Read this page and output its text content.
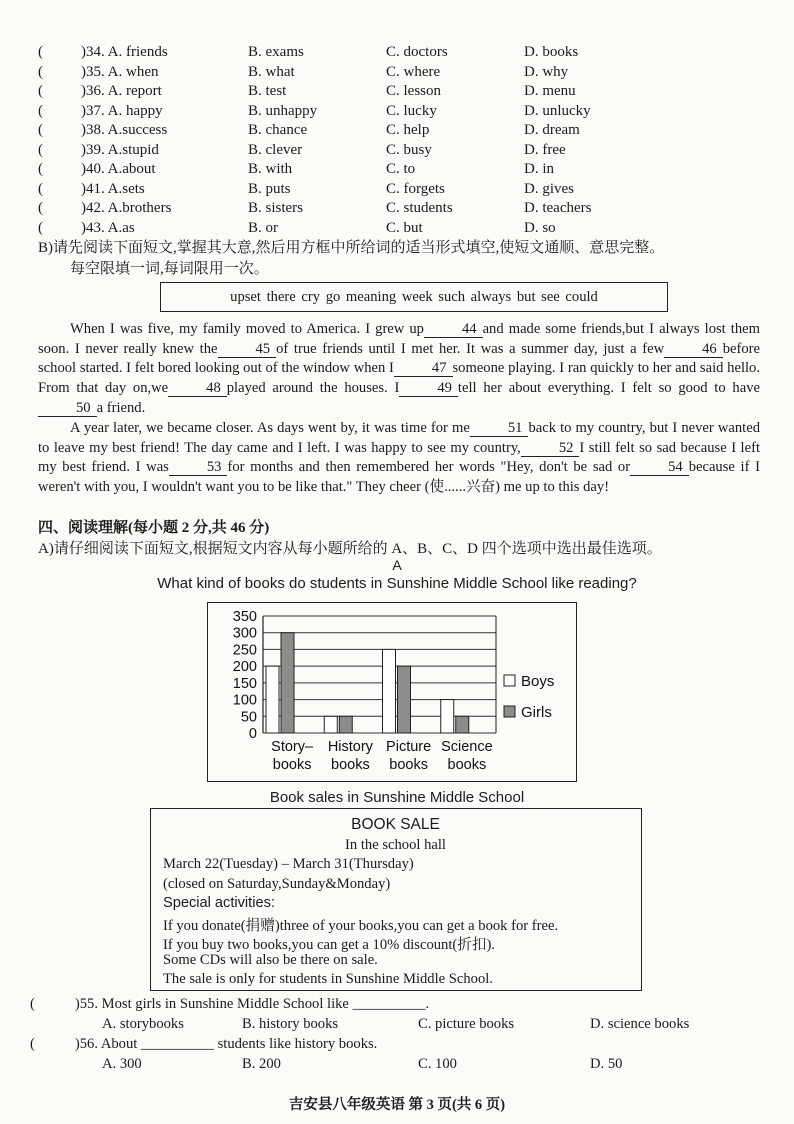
(	)34. A. friends	B. exams	C. doctors	D. books
(	)35. A. when	B. what	C. where	D. why
(	)36. A. report	B. test	C. lesson	D. menu
(	)37. A. happy	B. unhappy	C. lucky	D. unlucky
(	)38. A.success	B. chance	C. help	D. dream
(	)39. A.stupid	B. clever	C. busy	D. free
(	)40. A.about	B. with	C. to	D. in
(	)41. A.sets	B. puts	C. forgets	D. gives
(	)42. A.brothers	B. sisters	C. students	D. teachers
(	)43. A.as	B. or	C. but	D. so
B)请先阅读下面短文,掌握其大意,然后用方框中所给词的适当形式填空,使短文通顺、意思完整。
每空限填一词,每词限用一次。
upset there cry go meaning week such always but see could
When I was five, my family moved to America. I grew up	44 and made some friends,but I always lost them soon. I never really knew the	45 of true friends until I met her. It was a summer day, just a few	46 before school started. I felt bored looking out of the window when I	47 someone playing. I ran quickly to her and said hello. From that day on,we	48 played around the houses. I	49 tell her about everything. I felt so good to have50 a friend.
A year later, we became closer. As days went by, it was time for me	51 back to my country, but I never wanted to leave my best friend! The day came and I left. I was happy to see my country,	52 I still felt so sad because I left my best friend. I was	53 for months and then remembered her words "Hey, don't be sad or	54 because if I weren't with you, I wouldn't want you to be like that." They cheer (使......兴奋) me up to this day!
四、阅读理解(每小题 2 分,共 46 分)
A)请仔细阅读下面短文,根据短文内容从每小题所给的 A、B、C、D 四个选项中选出最佳选项。
A
What kind of books do students in Sunshine Middle School like reading?
350
300
250
200
150
100
50
0
Story–
books
History
books
Picture
books
Science
books
Boys
Girls
Book sales in Sunshine Middle School
BOOK SALE
In the school hall
March 22(Tuesday) – March 31(Thursday)
(closed on Saturday,Sunday&Monday)
Special activities:
If you donate(捐赠)three of your books,you can get a book for free.
If you buy two books,you can get a 10% discount(折扣).
Some CDs will also be there on sale.
The sale is only for students in Sunshine Middle School.
(	)55. Most girls in Sunshine Middle School like __________.
A. storybooks	B. history books	C. picture books	D. science books
(	)56. About __________ students like history books.
A. 300	B. 200	C. 100	D. 50
吉安县八年级英语 第 3 页(共 6 页)
